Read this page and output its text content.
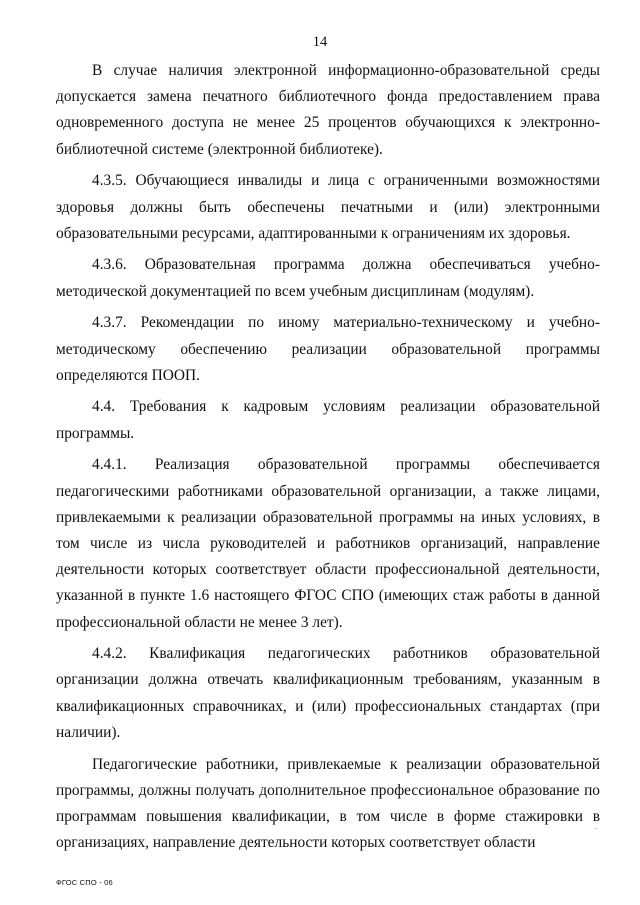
14

В случае наличия электронной информационно-образовательной среды допускается замена печатного библиотечного фонда предоставлением права одновременного доступа не менее 25 процентов обучающихся к электронно-библиотечной системе (электронной библиотеке).

4.3.5. Обучающиеся инвалиды и лица с ограниченными возможностями здоровья должны быть обеспечены печатными и (или) электронными образовательными ресурсами, адаптированными к ограничениям их здоровья.

4.3.6. Образовательная программа должна обеспечиваться учебно-методической документацией по всем учебным дисциплинам (модулям).

4.3.7. Рекомендации по иному материально-техническому и учебно-методическому обеспечению реализации образовательной программы определяются ПООП.

4.4. Требования к кадровым условиям реализации образовательной программы.

4.4.1. Реализация образовательной программы обеспечивается педагогическими работниками образовательной организации, а также лицами, привлекаемыми к реализации образовательной программы на иных условиях, в том числе из числа руководителей и работников организаций, направление деятельности которых соответствует области профессиональной деятельности, указанной в пункте 1.6 настоящего ФГОС СПО (имеющих стаж работы в данной профессиональной области не менее 3 лет).

4.4.2. Квалификация педагогических работников образовательной организации должна отвечать квалификационным требованиям, указанным в квалификационных справочниках, и (или) профессиональных стандартах (при наличии).

Педагогические работники, привлекаемые к реализации образовательной программы, должны получать дополнительное профессиональное образование по программам повышения квалификации, в том числе в форме стажировки в организациях, направление деятельности которых соответствует области

ФГОС СПО - 06
